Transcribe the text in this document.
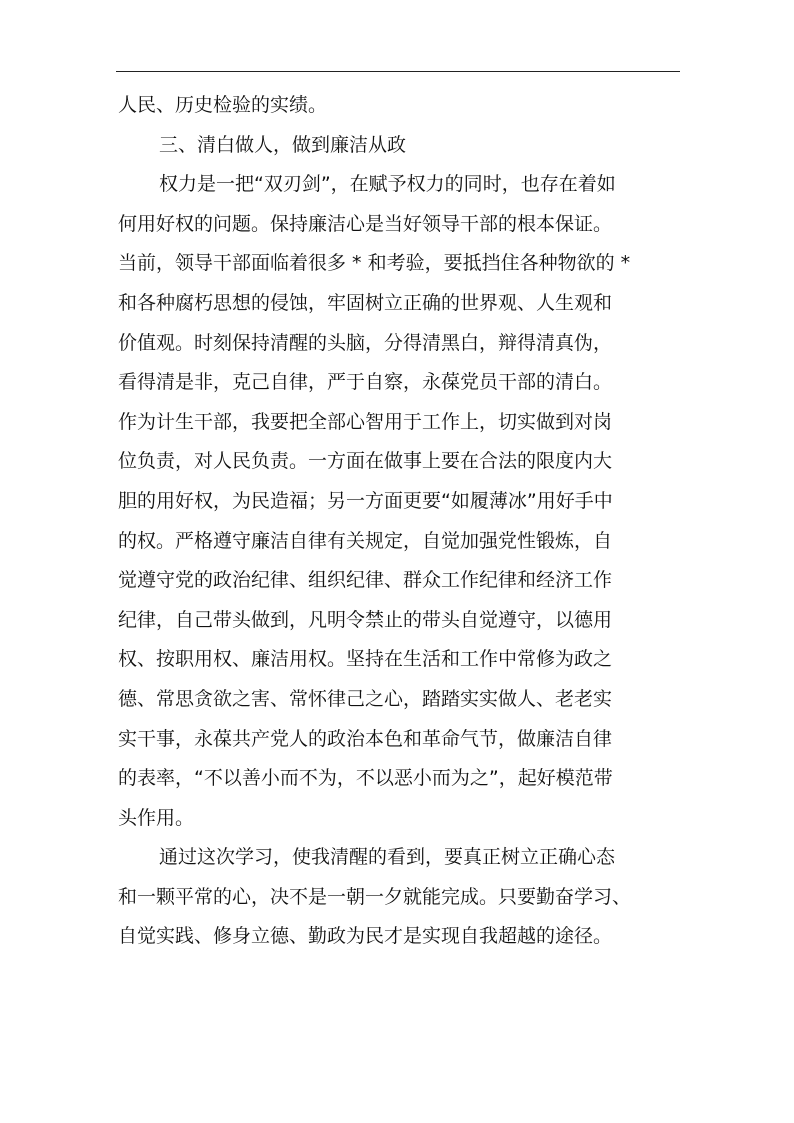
人民、历史检验的实绩。
三、清白做人，做到廉洁从政
权力是一把“双刃剑”，在赋予权力的同时，也存在着如
何用好权的问题。保持廉洁心是当好领导干部的根本保证。
当前，领导干部面临着很多 * 和考验，要抵挡住各种物欲的 *
和各种腐朽思想的侵蚀，牢固树立正确的世界观、人生观和
价值观。时刻保持清醒的头脑，分得清黑白，辩得清真伪，
看得清是非，克己自律，严于自察，永葆党员干部的清白。
作为计生干部，我要把全部心智用于工作上，切实做到对岗
位负责，对人民负责。一方面在做事上要在合法的限度内大
胆的用好权，为民造福；另一方面更要“如履薄冰”用好手中
的权。严格遵守廉洁自律有关规定，自觉加强党性锻炼，自
觉遵守党的政治纪律、组织纪律、群众工作纪律和经济工作
纪律，自己带头做到，凡明令禁止的带头自觉遵守，以德用
权、按职用权、廉洁用权。坚持在生活和工作中常修为政之
德、常思贪欲之害、常怀律己之心，踏踏实实做人、老老实
实干事，永葆共产党人的政治本色和革命气节，做廉洁自律
的表率，“不以善小而不为，不以恶小而为之”，起好模范带
头作用。
通过这次学习，使我清醒的看到，要真正树立正确心态
和一颗平常的心，决不是一朝一夕就能完成。只要勤奋学习、
自觉实践、修身立德、勤政为民才是实现自我超越的途径。
